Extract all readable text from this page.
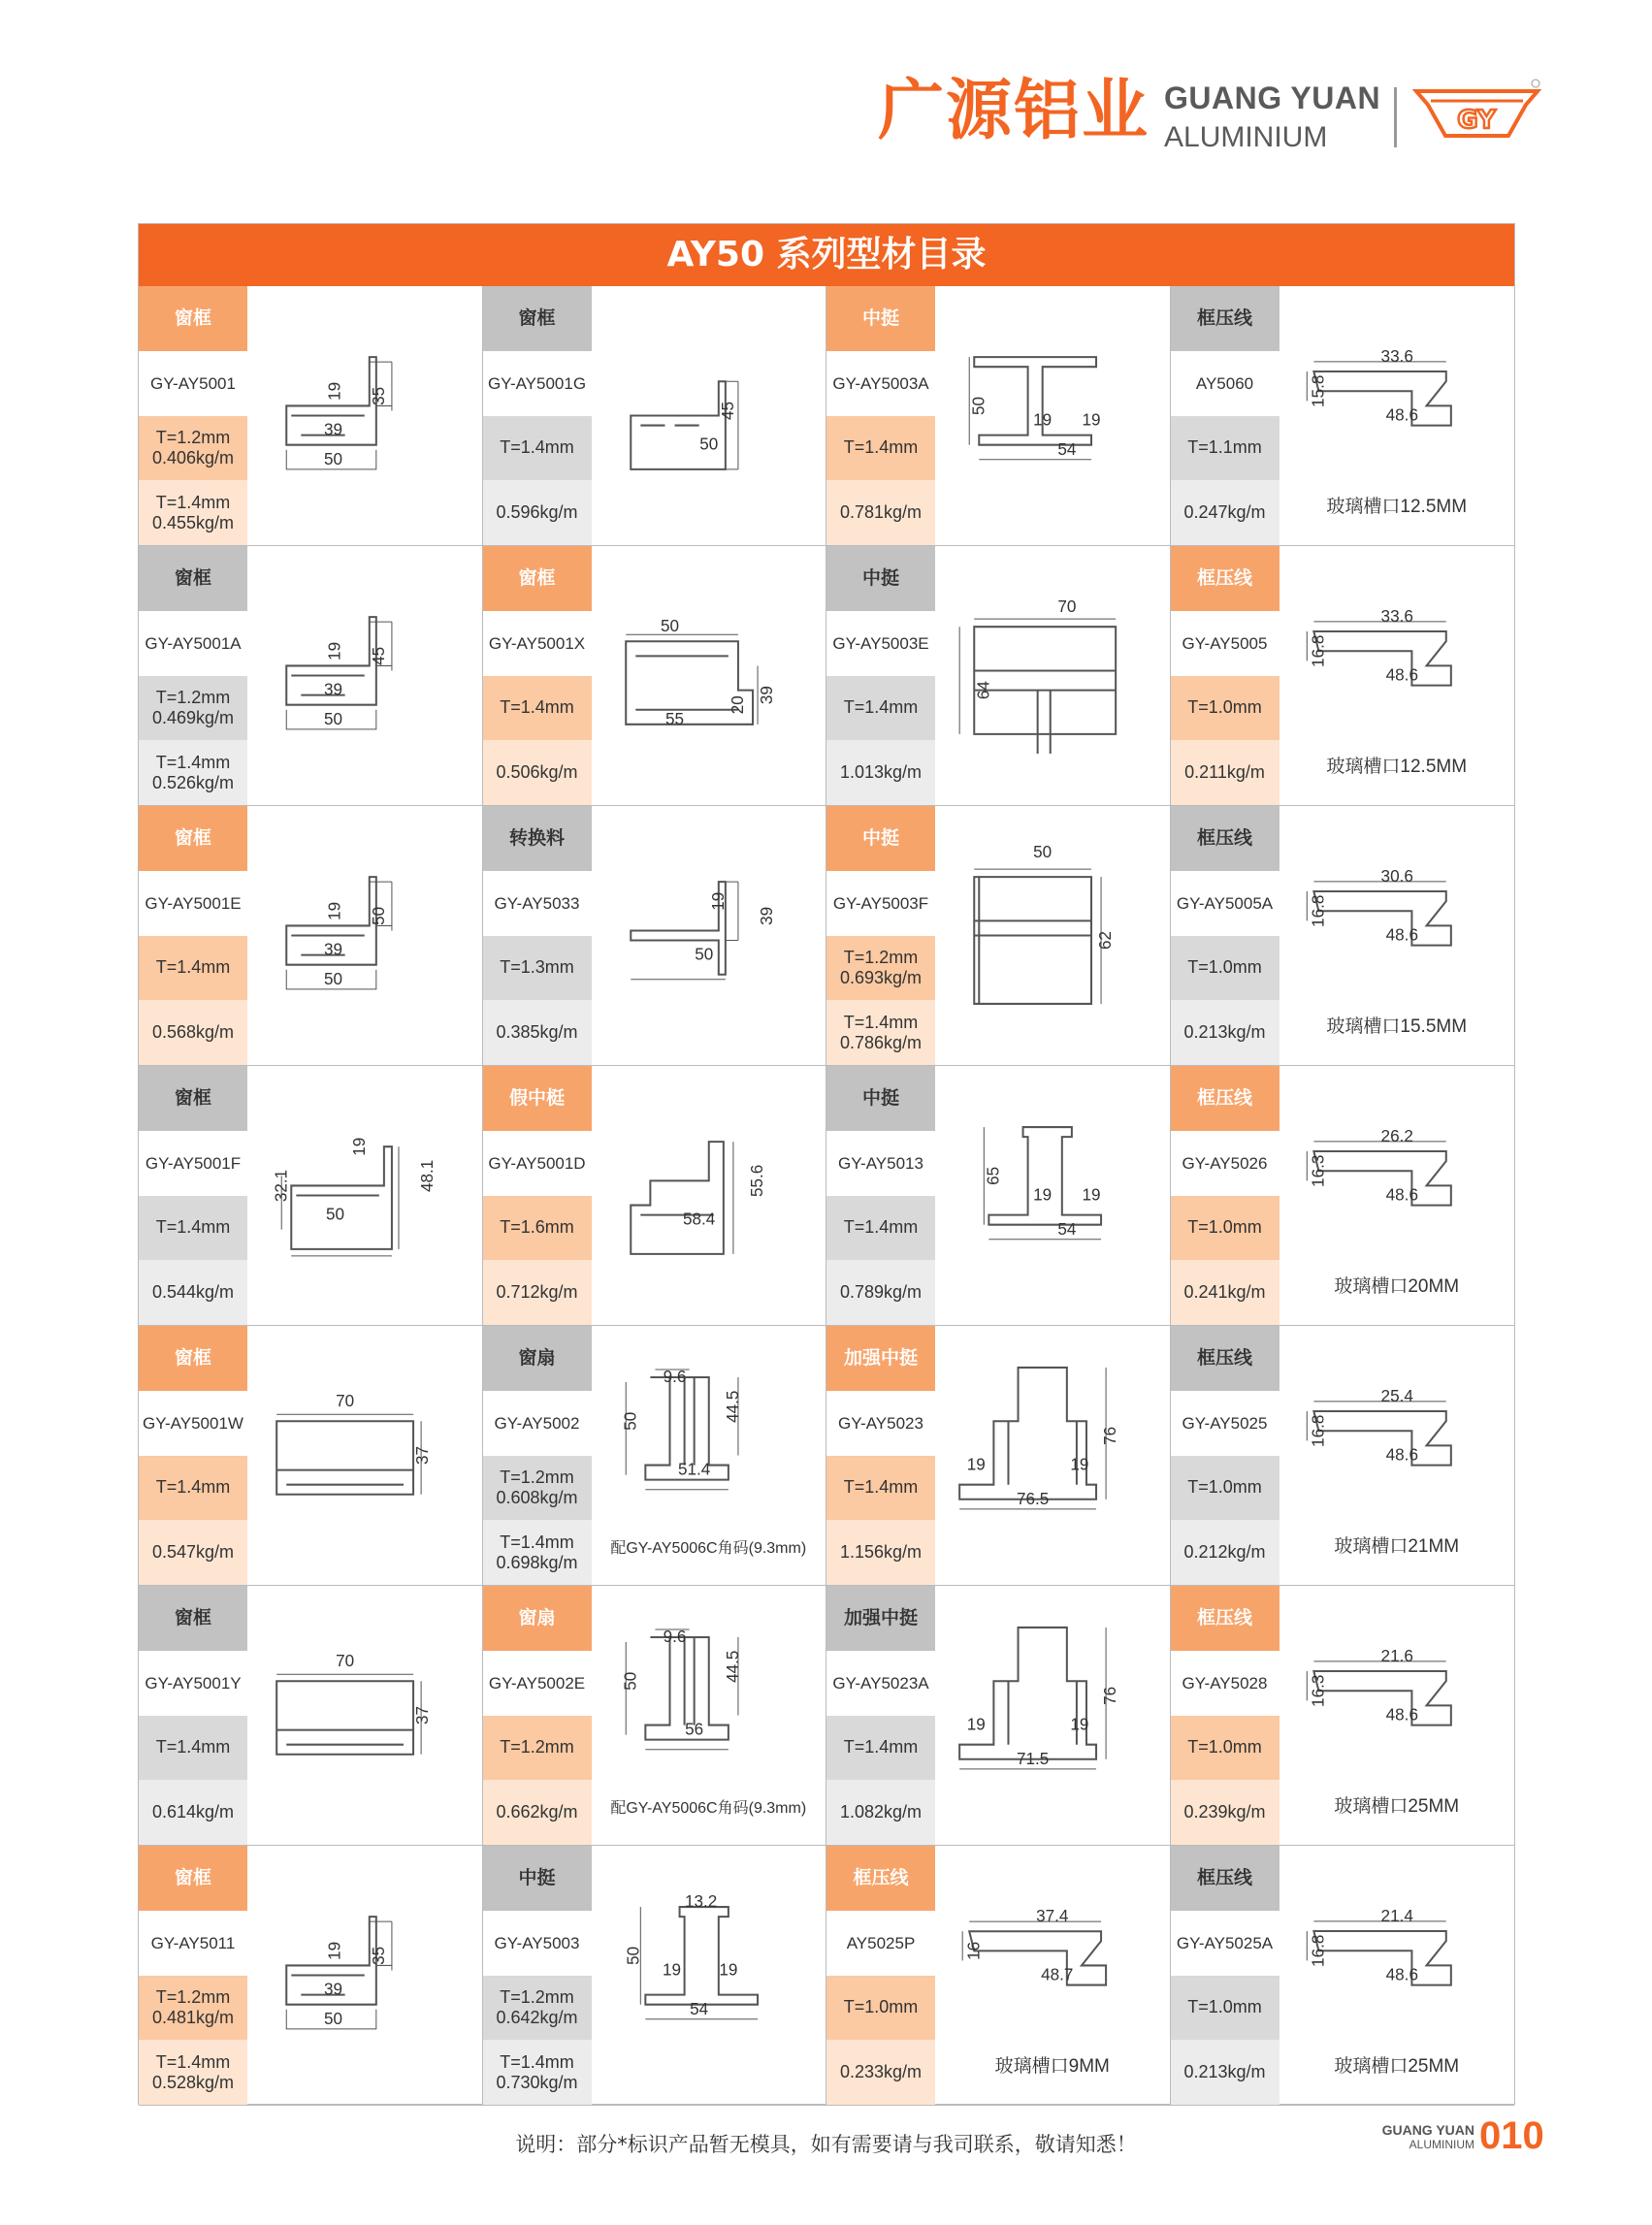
广源铝业 GUANG YUAN
ALUMINIUM
GY
AY50 系列型材目录
窗框
GY-AY5001
T=1.2mm
0.406kg/m
T=1.4mm
0.455kg/m
19 35
39
50
窗框
GY-AY5001G
T=1.4mm
0.596kg/m
45
50
中挺
GY-AY5003A
T=1.4mm
0.781kg/m
50
19 19
54
框压线
AY5060
T=1.1mm
0.247kg/m
33.6
15.8
48.6
玻璃槽口12.5MM
窗框
GY-AY5001A
T=1.2mm
0.469kg/m
T=1.4mm
0.526kg/m
19 45
39
50
窗框
GY-AY5001X
T=1.4mm
0.506kg/m
50
39
20
55
中挺
GY-AY5003E
T=1.4mm
1.013kg/m
70
64
框压线
GY-AY5005
T=1.0mm
0.211kg/m
33.6
16.8
48.6
玻璃槽口12.5MM
窗框
GY-AY5001E
T=1.4mm
0.568kg/m
19 50
39
50
转换料
GY-AY5033
T=1.3mm
0.385kg/m
19
39
50
中挺
GY-AY5003F
T=1.2mm
0.693kg/m
T=1.4mm
0.786kg/m
50
62
框压线
GY-AY5005A
T=1.0mm
0.213kg/m
30.6
16.8
48.6
玻璃槽口15.5MM
窗框
GY-AY5001F
T=1.4mm
0.544kg/m
19
32.1	48.1
50
假中梃
GY-AY5001D
T=1.6mm
0.712kg/m
55.6
58.4
中挺
GY-AY5013
T=1.4mm
0.789kg/m
65
19 19
54
框压线
GY-AY5026
T=1.0mm
0.241kg/m
26.2
16.3
48.6
玻璃槽口20MM
窗框
GY-AY5001W
T=1.4mm
0.547kg/m
70
37
窗扇
GY-AY5002
T=1.2mm
0.608kg/m
T=1.4mm
0.698kg/m
9.6
50	44.5
51.4
配GY-AY5006C角码(9.3mm)
加强中挺
GY-AY5023
T=1.4mm
1.156kg/m
76
19	19
76.5
框压线
GY-AY5025
T=1.0mm
0.212kg/m
25.4
16.8
48.6
玻璃槽口21MM
窗框
GY-AY5001Y
T=1.4mm
0.614kg/m
70
37
窗扇
GY-AY5002E
T=1.2mm
0.662kg/m
9.6
50	44.5
56
配GY-AY5006C角码(9.3mm)
加强中挺
GY-AY5023A
T=1.4mm
1.082kg/m
76
19	19
71.5
框压线
GY-AY5028
T=1.0mm
0.239kg/m
21.6
16.3
48.6
玻璃槽口25MM
窗框
GY-AY5011
T=1.2mm
0.481kg/m
T=1.4mm
0.528kg/m
19 35
39
50
中挺
GY-AY5003
T=1.2mm
0.642kg/m
T=1.4mm
0.730kg/m
13.2
50
19 19
54
框压线
AY5025P
T=1.0mm
0.233kg/m
37.4
16
48.7
玻璃槽口9MM
框压线
GY-AY5025A
T=1.0mm
0.213kg/m
21.4
16.8
48.6
玻璃槽口25MM
说明：部分*标识产品暂无模具，如有需要请与我司联系，敬请知悉！
GUANG YUAN
ALUMINIUM 010
